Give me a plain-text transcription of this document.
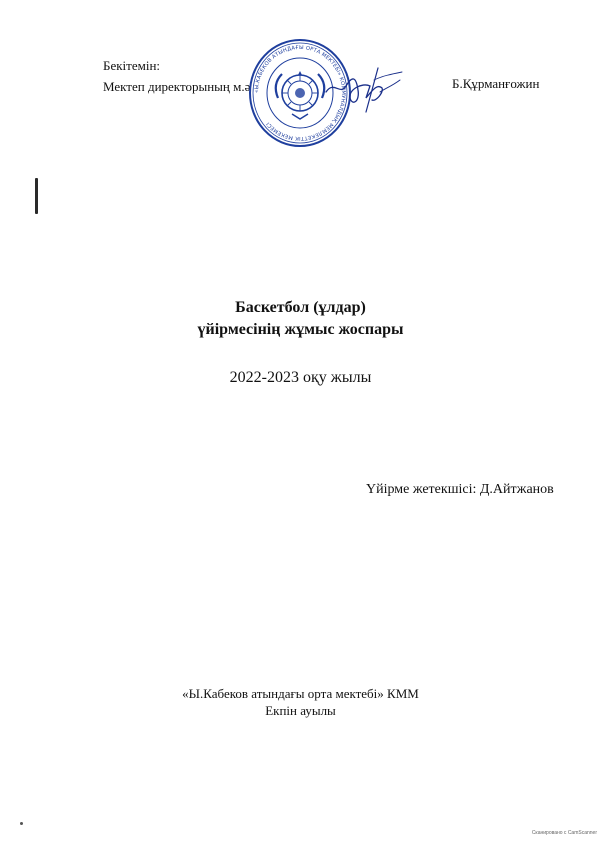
Бекітемін:
Мектеп директорының м.ә	Б.Құрманғожин
«Ы.КАБЕКОВ АТЫНДАҒЫ ОРТА МЕКТЕБІ» КОММУНАЛДЫҚ МЕМЛЕКЕТТІК МЕКЕМЕСІ
Баскетбол (ұлдар)
үйірмесінің жұмыс жоспары
2022-2023 оқу жылы
Үйірме жетекшісі: Д.Айтжанов
«Ы.Кабеков атындағы орта мектебі» КММ
Екпін ауылы
Сканировано с CamScanner
